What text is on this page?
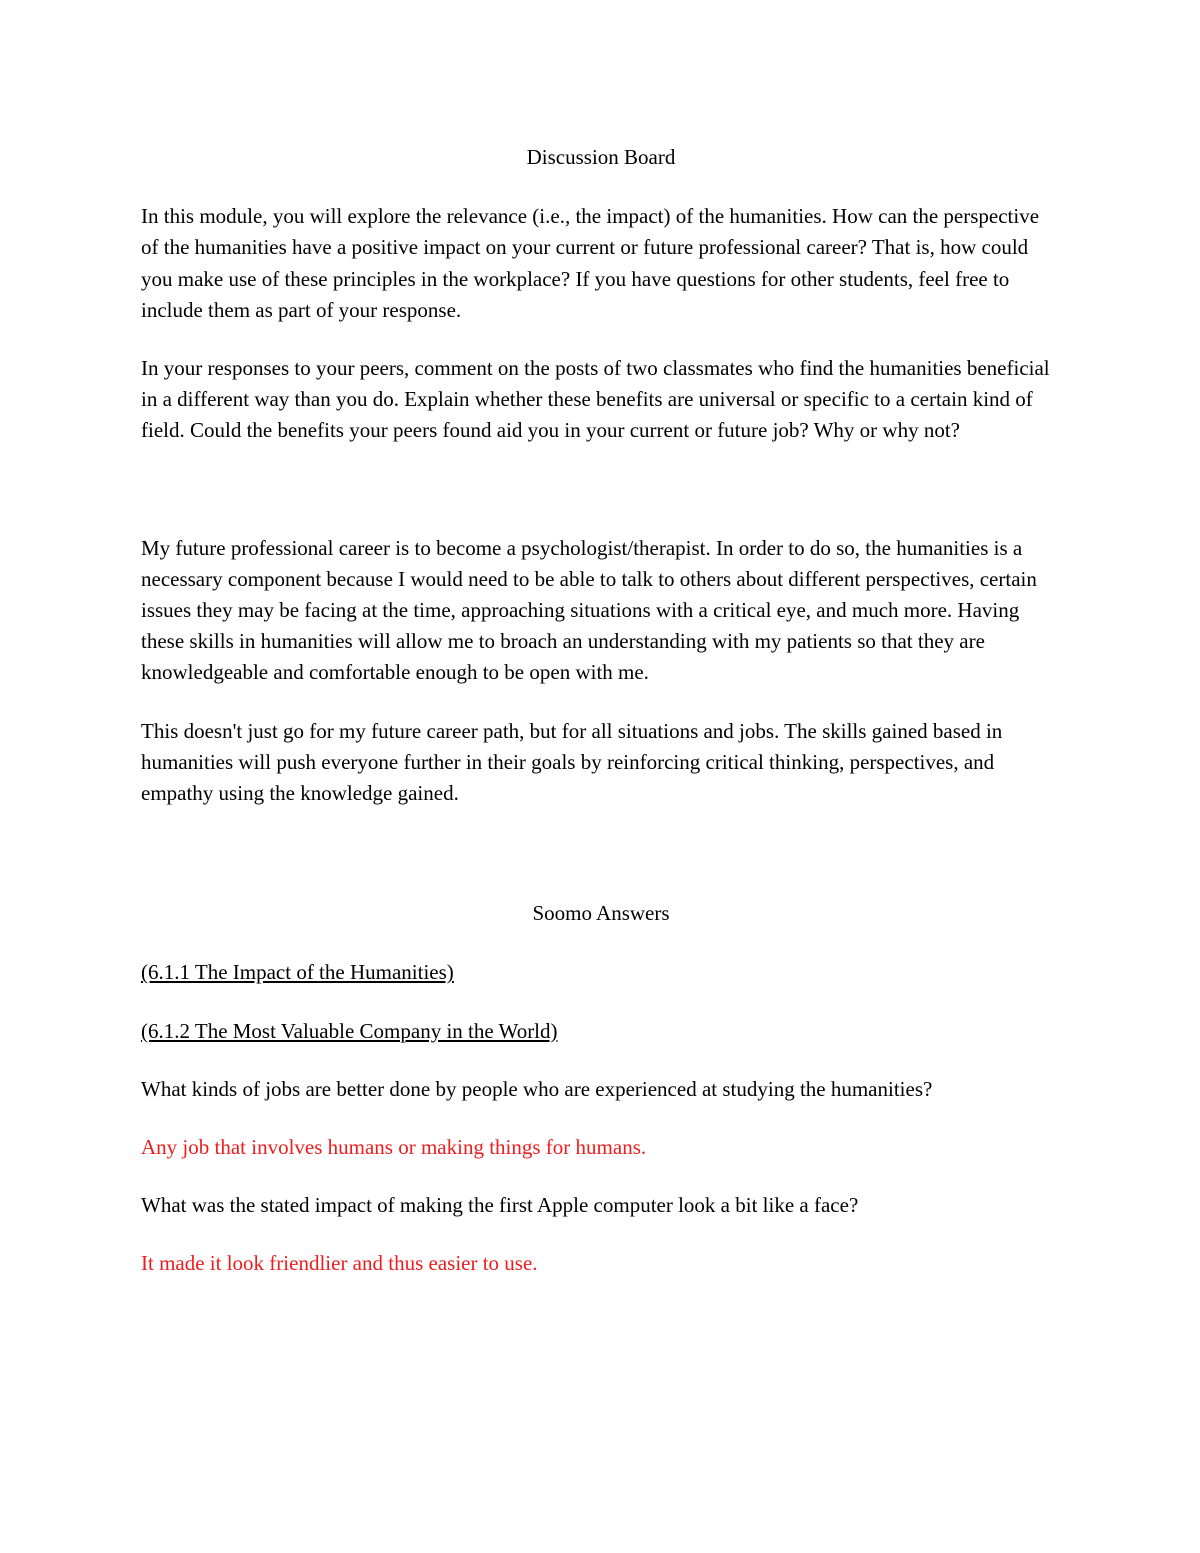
Discussion Board

In this module, you will explore the relevance (i.e., the impact) of the humanities. How can the perspective of the humanities have a positive impact on your current or future professional career? That is, how could you make use of these principles in the workplace? If you have questions for other students, feel free to include them as part of your response.

In your responses to your peers, comment on the posts of two classmates who find the humanities beneficial in a different way than you do. Explain whether these benefits are universal or specific to a certain kind of field. Could the benefits your peers found aid you in your current or future job? Why or why not?

My future professional career is to become a psychologist/therapist. In order to do so, the humanities is a necessary component because I would need to be able to talk to others about different perspectives, certain issues they may be facing at the time, approaching situations with a critical eye, and much more. Having these skills in humanities will allow me to broach an understanding with my patients so that they are knowledgeable and comfortable enough to be open with me.

This doesn't just go for my future career path, but for all situations and jobs. The skills gained based in humanities will push everyone further in their goals by reinforcing critical thinking, perspectives, and empathy using the knowledge gained.

Soomo Answers

(6.1.1 The Impact of the Humanities)

(6.1.2 The Most Valuable Company in the World)

What kinds of jobs are better done by people who are experienced at studying the humanities?

Any job that involves humans or making things for humans.

What was the stated impact of making the first Apple computer look a bit like a face?

It made it look friendlier and thus easier to use.
